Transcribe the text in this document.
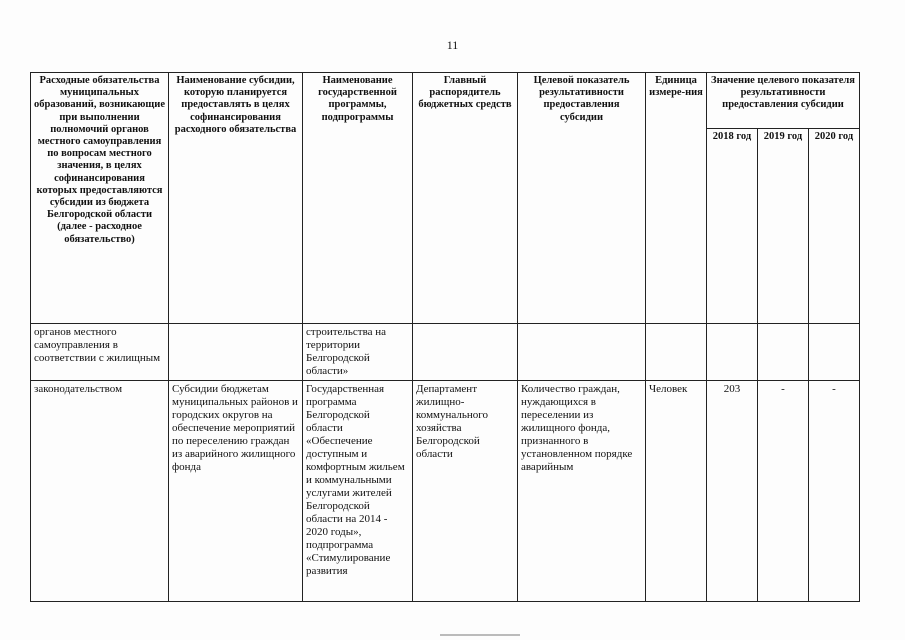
11
Расходные обязательства муниципальных образований, возникающие при выполнении полномочий органов местного самоуправления по вопросам местного значения, в целях софинансирования которых предоставляются субсидии из бюджета Белгородской области (далее - расходное обязательство)	Наименование субсидии, которую планируется предоставлять в целях софинансирования расходного обязательства	Наименование государственной программы, подпрограммы	Главный распорядитель бюджетных средств	Целевой показатель результативности предоставления субсидии	Единица измере-ния	Значение целевого показателя результативности предоставления субсидии		
						2018 год	2019 год	2020 год
органов местного самоуправления в соответствии с жилищным		строительства на территории Белгородской области»						
законодательством	Субсидии бюджетам муниципальных районов и городских округов на обеспечение мероприятий по переселению граждан из аварийного жилищного фонда	Государственная программа Белгородской области «Обеспечение доступным и комфортным жильем и коммунальными услугами жителей Белгородской области на 2014 - 2020 годы», подпрограмма «Стимулирование развития	Департамент жилищно-коммунального хозяйства Белгородской области	Количество граждан, нуждающихся в переселении из жилищного фонда, признанного в установленном порядке аварийным	Человек	203	-	-
